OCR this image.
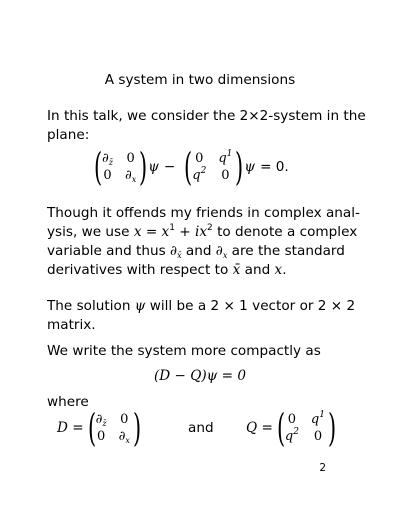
A system in two dimensions
In this talk, we consider the 2×2-system in the
plane:
( $\partial_{z̄}$ 0
0 $\partial_x$ ) ψ − ( 0 $q^1$
$q^2$ 0 ) ψ = 0.
Though it offends my friends in complex anal-
ysis, we use $x = x^1 + ix^2$ to denote a complex
variable and thus $\partial_{x̄}$ and $\partial_x$ are the standard
derivatives with respect to x̄ and x.
The solution ψ will be a 2 × 1 vector or 2 × 2
matrix.
We write the system more compactly as
(D − Q)ψ = 0
where
D = ( $\partial_{z̄}$ 0
0 $\partial_x$ )	and Q = ( 0 $q^1$
$q^2$ 0 )
2
